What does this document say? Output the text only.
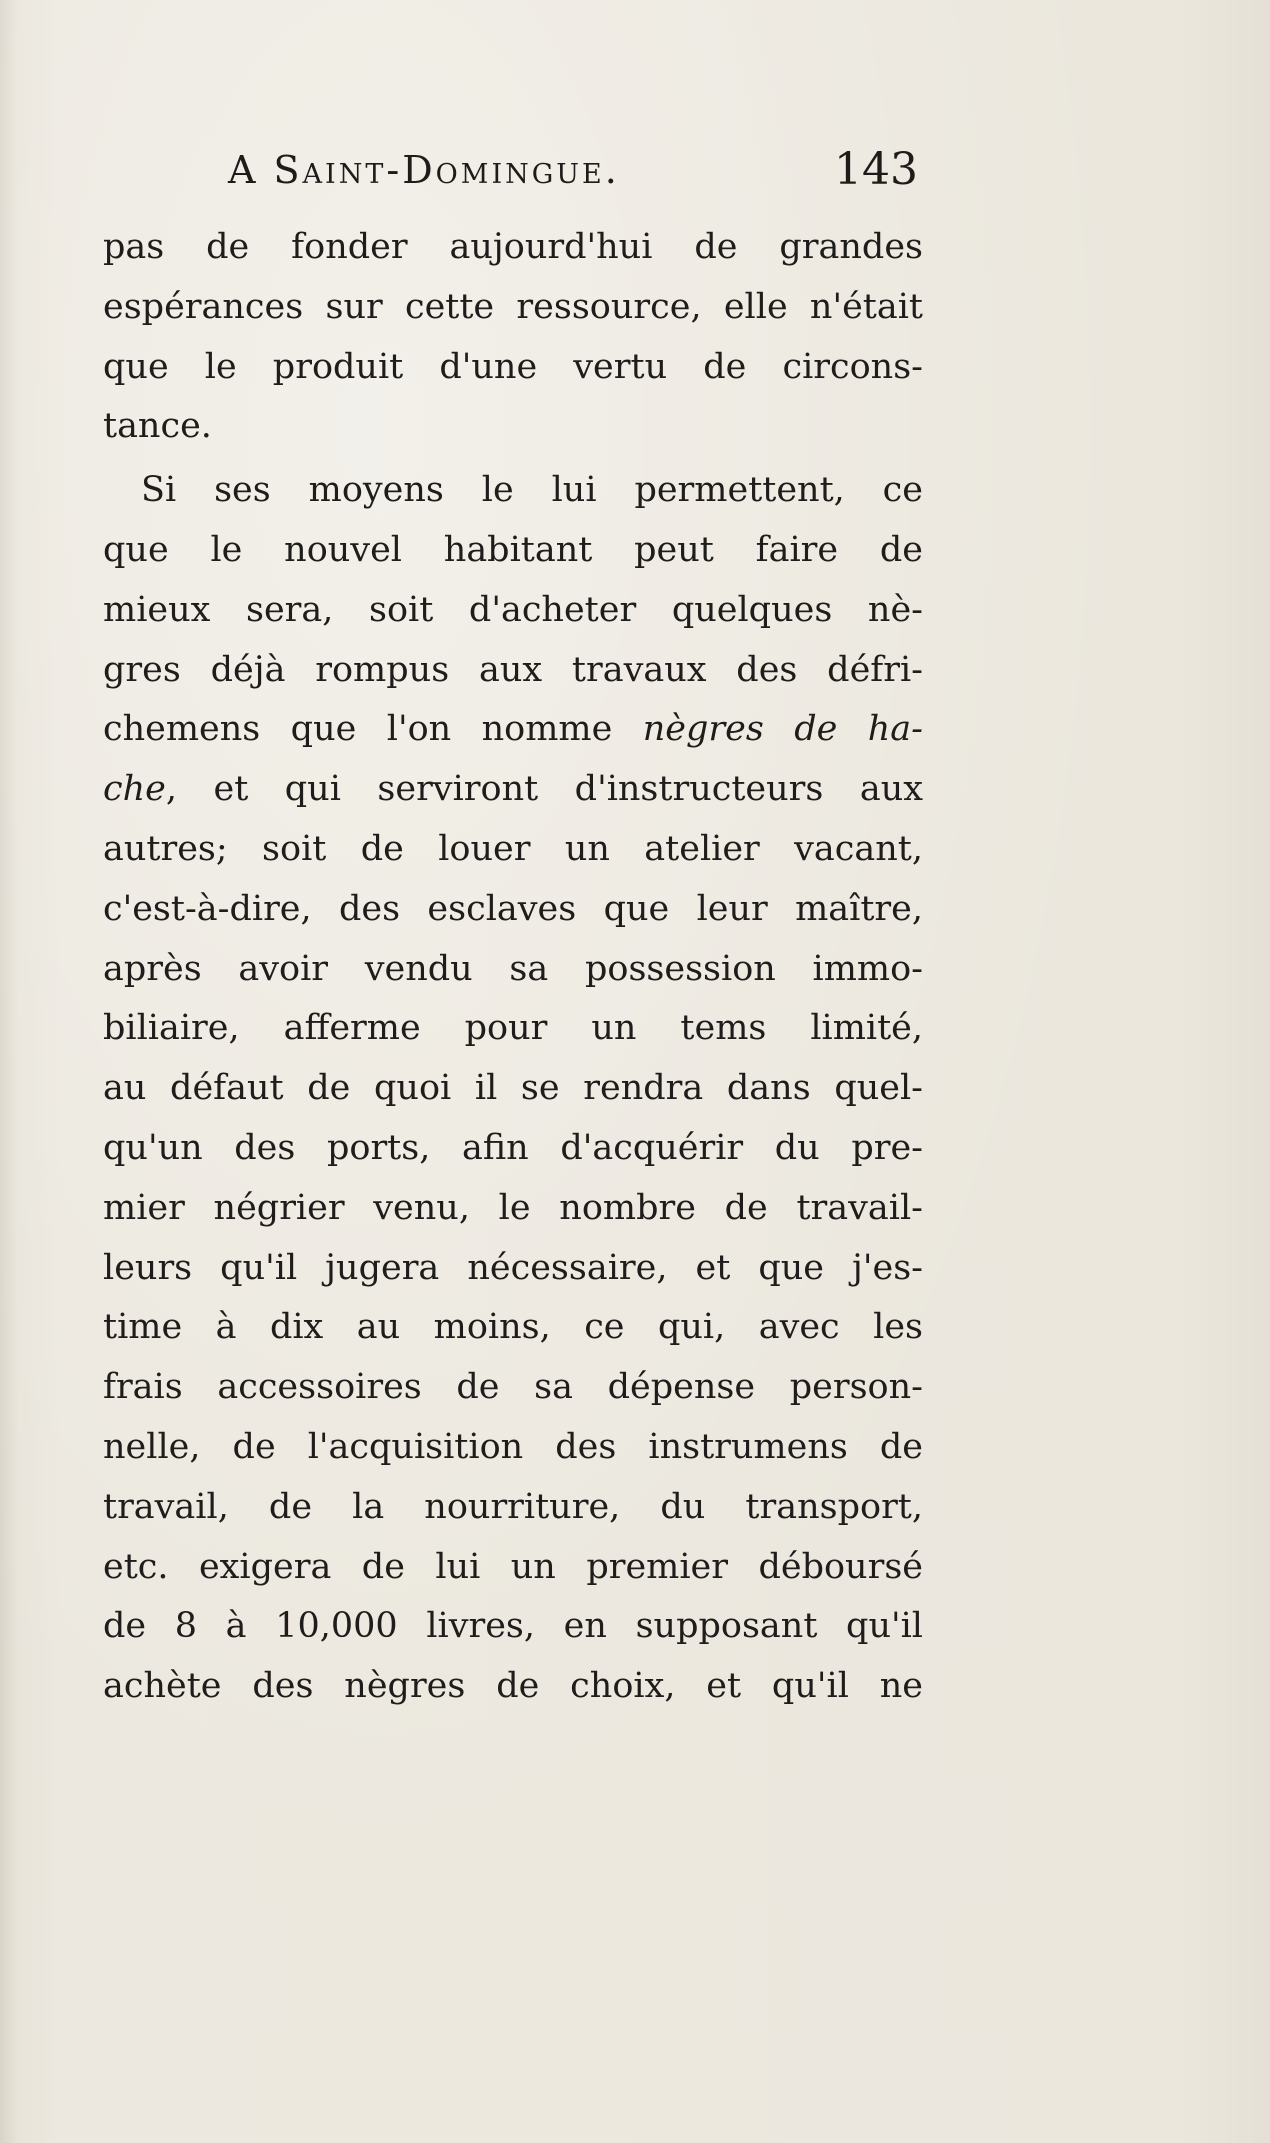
A Saint-Domingue.	143
pas de fonder aujourd'hui de grandes
espérances sur cette ressource, elle n'était
que le produit d'une vertu de circons-
tance.
Si ses moyens le lui permettent, ce
que le nouvel habitant peut faire de
mieux sera, soit d'acheter quelques nè-
gres déjà rompus aux travaux des défri-
chemens que l'on nomme nègres de ha-
che, et qui serviront d'instructeurs aux
autres; soit de louer un atelier vacant,
c'est-à-dire, des esclaves que leur maître,
après avoir vendu sa possession immo-
biliaire, afferme pour un tems limité,
au défaut de quoi il se rendra dans quel-
qu'un des ports, afin d'acquérir du pre-
mier négrier venu, le nombre de travail-
leurs qu'il jugera nécessaire, et que j'es-
time à dix au moins, ce qui, avec les
frais accessoires de sa dépense person-
nelle, de l'acquisition des instrumens de
travail, de la nourriture, du transport,
etc. exigera de lui un premier déboursé
de 8 à 10,000 livres, en supposant qu'il
achète des nègres de choix, et qu'il ne
